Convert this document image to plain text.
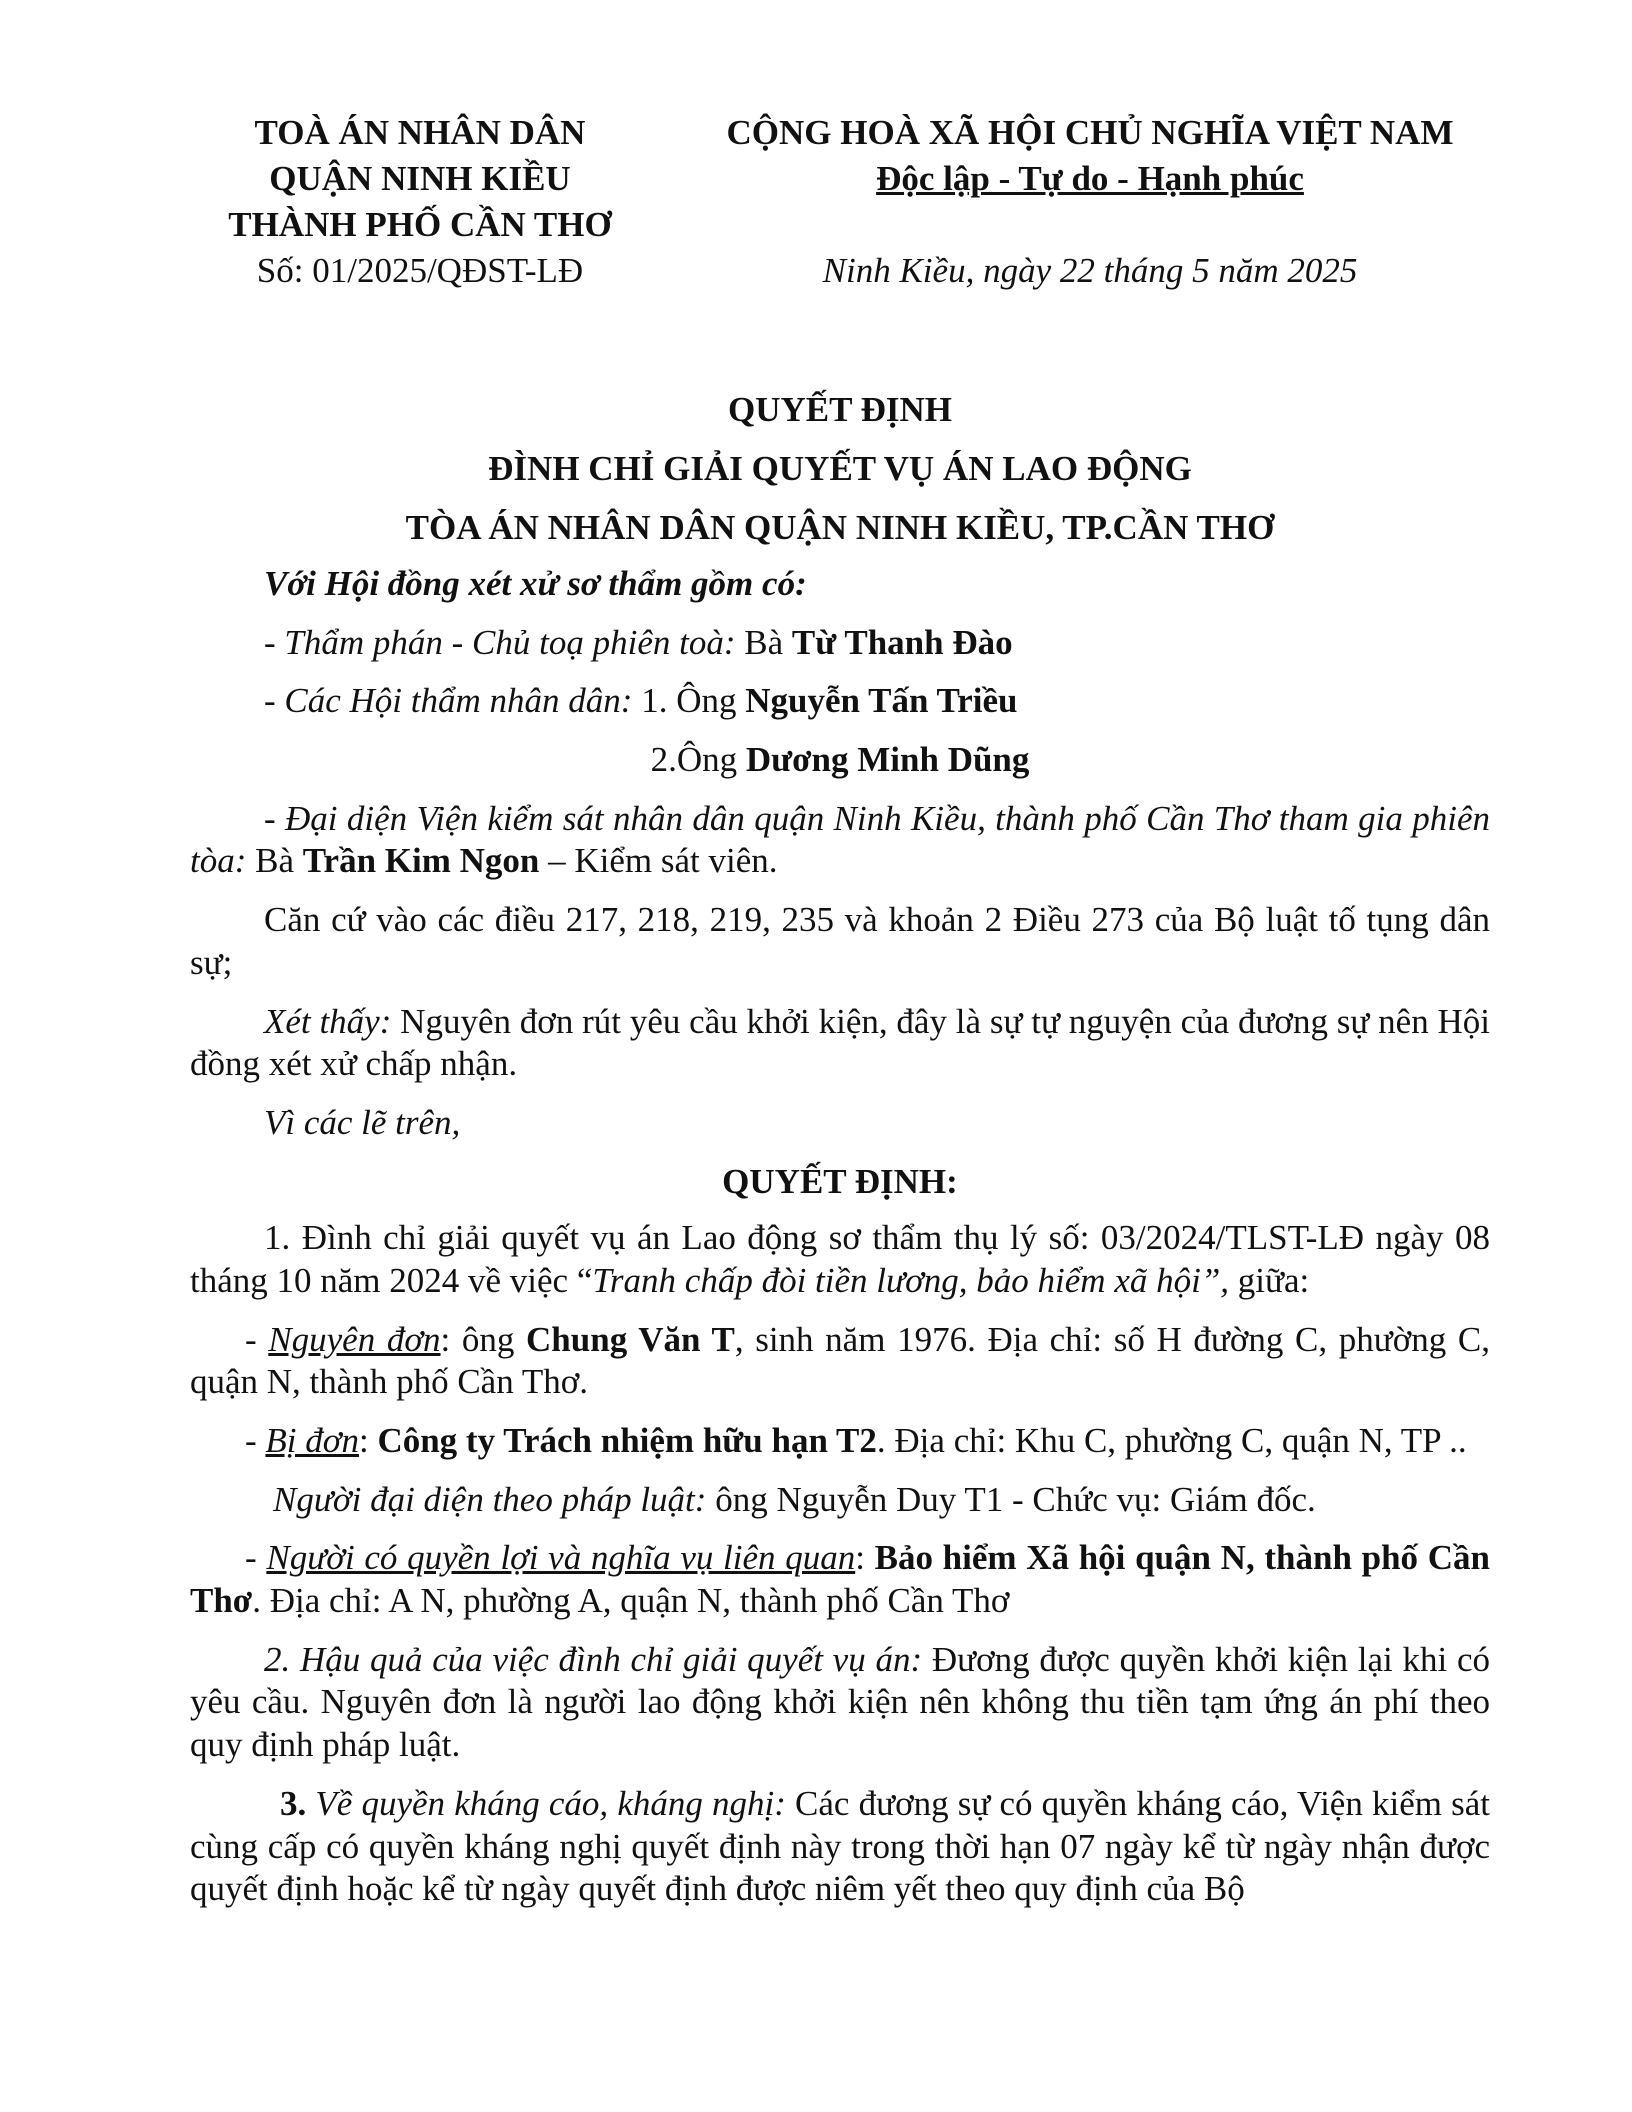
TOÀ ÁN NHÂN DÂN
QUẬN NINH KIỀU
THÀNH PHỐ CẦN THƠ
Số: 01/2025/QĐST-LĐ
CỘNG HOÀ XÃ HỘI CHỦ NGHĨA VIỆT NAM
Độc lập - Tự do - Hạnh phúc

Ninh Kiều, ngày 22 tháng 5 năm 2025
QUYẾT ĐỊNH
ĐÌNH CHỈ GIẢI QUYẾT VỤ ÁN LAO ĐỘNG
TÒA ÁN NHÂN DÂN QUẬN NINH KIỀU, TP.CẦN THƠ

Với Hội đồng xét xử sơ thẩm gồm có:

- Thẩm phán - Chủ toạ phiên toà: Bà Từ Thanh Đào

- Các Hội thẩm nhân dân: 1. Ông Nguyễn Tấn Triều

2.Ông Dương Minh Dũng

- Đại diện Viện kiểm sát nhân dân quận Ninh Kiều, thành phố Cần Thơ tham gia phiên tòa: Bà Trần Kim Ngon – Kiểm sát viên.

Căn cứ vào các điều 217, 218, 219, 235 và khoản 2 Điều 273 của Bộ luật tố tụng dân sự;

Xét thấy: Nguyên đơn rút yêu cầu khởi kiện, đây là sự tự nguyện của đương sự nên Hội đồng xét xử chấp nhận.

Vì các lẽ trên,

QUYẾT ĐỊNH:

1. Đình chỉ giải quyết vụ án Lao động sơ thẩm thụ lý số: 03/2024/TLST-LĐ ngày 08 tháng 10 năm 2024 về việc “Tranh chấp đòi tiền lương, bảo hiểm xã hội”, giữa:

- Nguyên đơn: ông Chung Văn T, sinh năm 1976. Địa chỉ: số H đường C, phường C, quận N, thành phố Cần Thơ.

- Bị đơn: Công ty Trách nhiệm hữu hạn T2. Địa chỉ: Khu C, phường C, quận N, TP ..

Người đại diện theo pháp luật: ông Nguyễn Duy T1 - Chức vụ: Giám đốc.

- Người có quyền lợi và nghĩa vụ liên quan: Bảo hiểm Xã hội quận N, thành phố Cần Thơ. Địa chỉ: A N, phường A, quận N, thành phố Cần Thơ

2. Hậu quả của việc đình chỉ giải quyết vụ án: Đương được quyền khởi kiện lại khi có yêu cầu. Nguyên đơn là người lao động khởi kiện nên không thu tiền tạm ứng án phí theo quy định pháp luật.

3. Về quyền kháng cáo, kháng nghị: Các đương sự có quyền kháng cáo, Viện kiểm sát cùng cấp có quyền kháng nghị quyết định này trong thời hạn 07 ngày kể từ ngày nhận được quyết định hoặc kể từ ngày quyết định được niêm yết theo quy định của Bộ
